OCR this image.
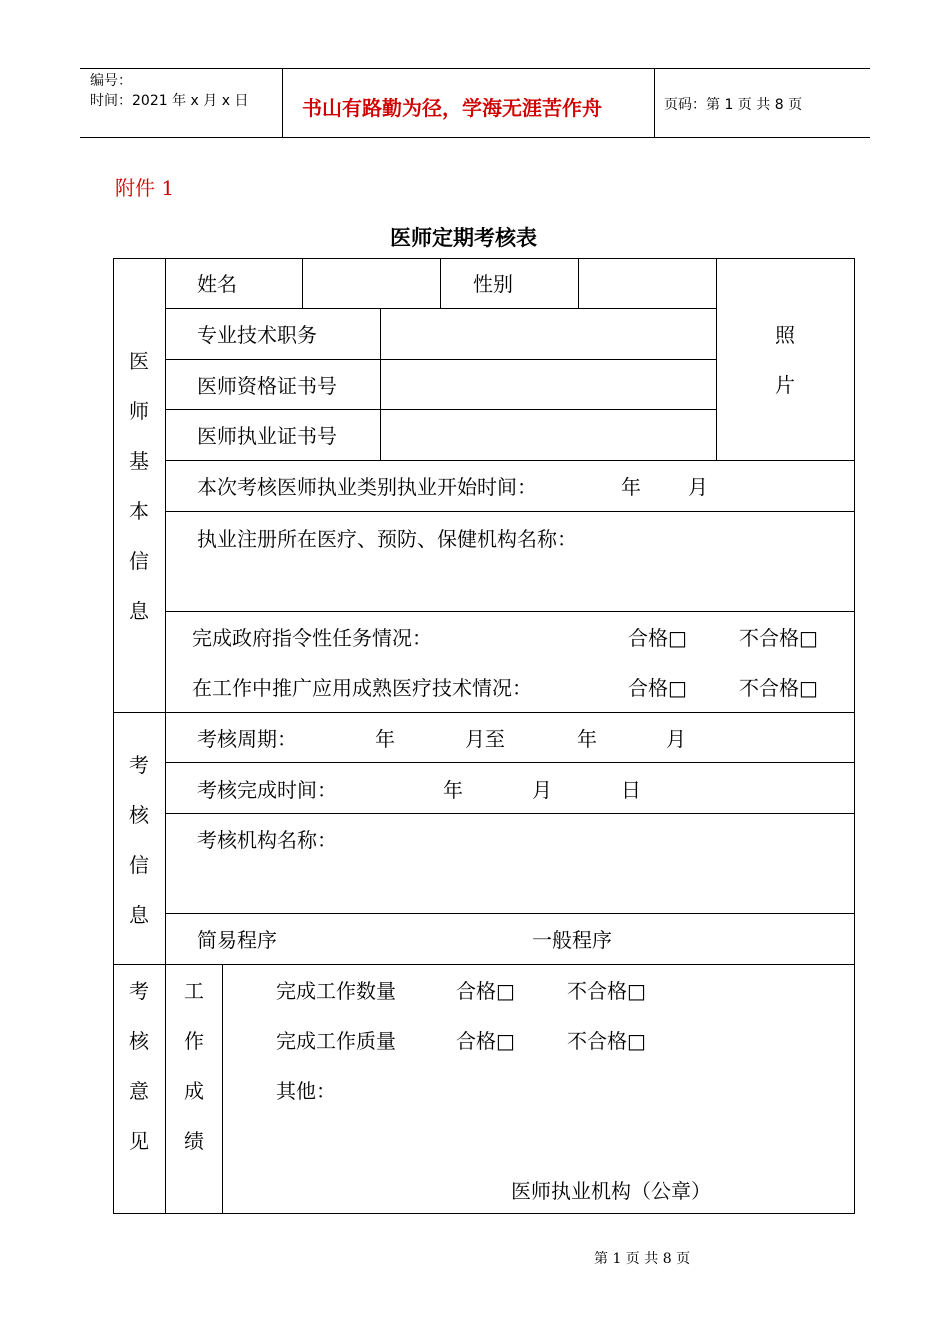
编号：
时间：2021 年 x 月 x 日	书山有路勤为径，学海无涯苦作舟	页码：第 1 页 共 8 页
附件 1
医师定期考核表
医
师
基
本
信
息
姓名	性别
专业技术职务
医师资格证书号
医师执业证书号
照
片
本次考核医师执业类别执业开始时间：	年 月
执业注册所在医疗、预防、保健机构名称：
完成政府指令性任务情况：	合格□	不合格□
在工作中推广应用成熟医疗技术情况：	合格□	不合格□
考
核
信
息
考核周期：	年	月至	年	月
考核完成时间：	年	月	日
考核机构名称：
简易程序	一般程序
考
核
意
见
工
作
成
绩
完成工作数量	合格□	不合格□
完成工作质量	合格□	不合格□
其他：
医师执业机构（公章）
第 1 页 共 8 页
